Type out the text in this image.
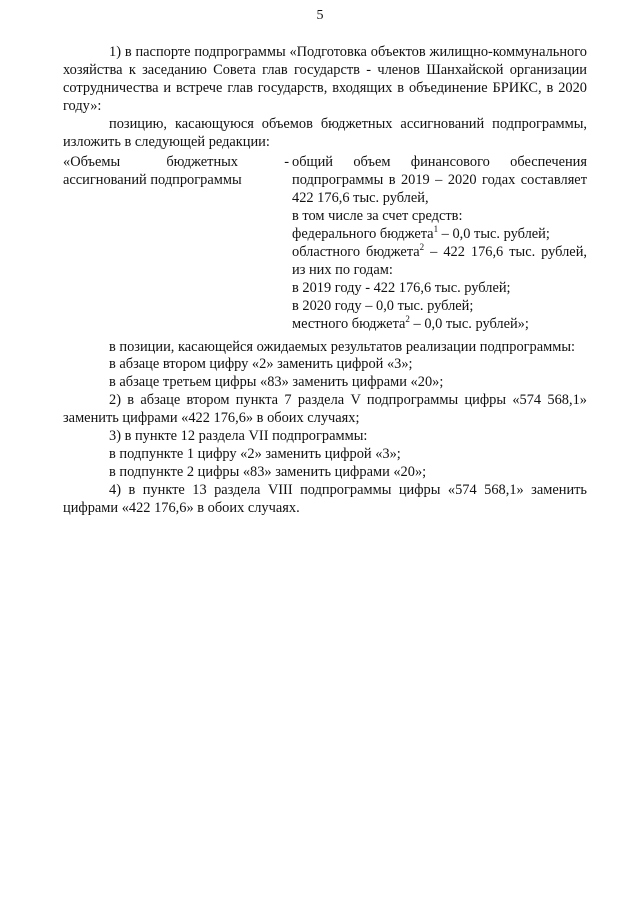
5

1) в паспорте подпрограммы «Подготовка объектов жилищно-коммунального хозяйства к заседанию Совета глав государств - членов Шанхайской организации сотрудничества и встрече глав государств, входящих в объединение БРИКС, в 2020 году»:

позицию, касающуюся объемов бюджетных ассигнований подпрограммы, изложить в следующей редакции:

«Объемы бюджетных - ассигнований подпрограммы

общий объем финансового обеспечения подпрограммы в 2019 – 2020 годах составляет 422 176,6 тыс. рублей,

в том числе за счет средств:

федерального бюджета$^1$ – 0,0 тыс. рублей;

областного бюджета$^2$ – 422 176,6 тыс. рублей, из них по годам:

в 2019 году - 422 176,6 тыс. рублей;

в 2020 году – 0,0 тыс. рублей;

местного бюджета$^2$ – 0,0 тыс. рублей»;

в позиции, касающейся ожидаемых результатов реализации подпрограммы:

в абзаце втором цифру «2» заменить цифрой «3»;

в абзаце третьем цифры «83» заменить цифрами «20»;

2) в абзаце втором пункта 7 раздела V подпрограммы цифры «574 568,1» заменить цифрами «422 176,6» в обоих случаях;

3) в пункте 12 раздела VII подпрограммы:

в подпункте 1 цифру «2» заменить цифрой «3»;

в подпункте 2 цифры «83» заменить цифрами «20»;

4) в пункте 13 раздела VIII подпрограммы цифры «574 568,1» заменить цифрами «422 176,6» в обоих случаях.
